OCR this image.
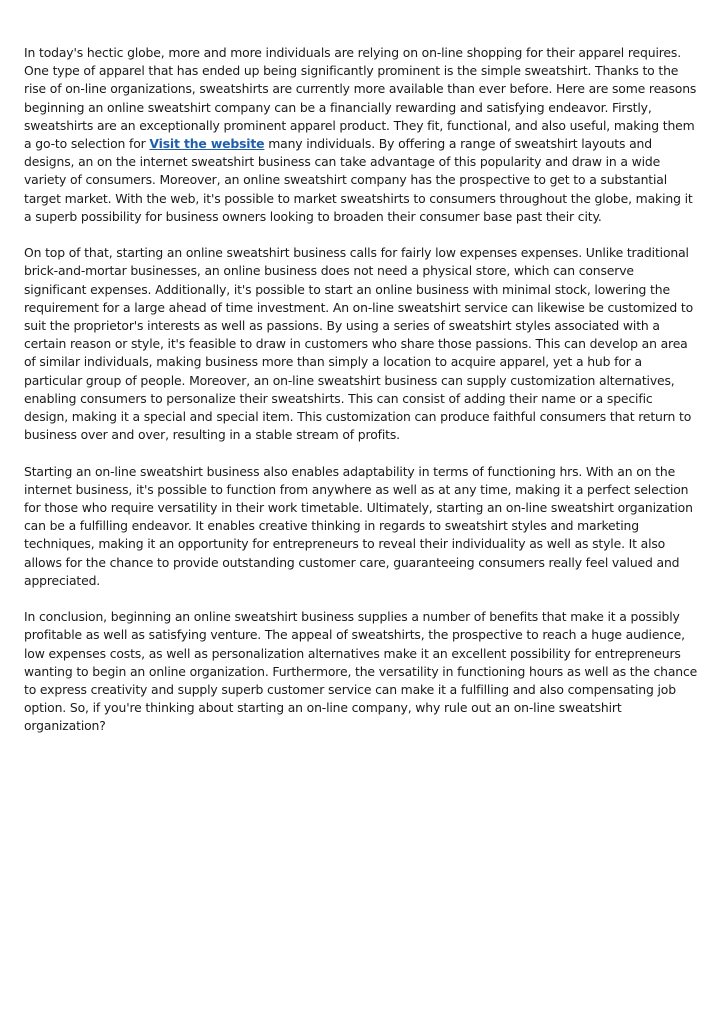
In today's hectic globe, more and more individuals are relying on on-line shopping for their apparel requires. One type of apparel that has ended up being significantly prominent is the simple sweatshirt. Thanks to the rise of on-line organizations, sweatshirts are currently more available than ever before. Here are some reasons beginning an online sweatshirt company can be a financially rewarding and satisfying endeavor. Firstly, sweatshirts are an exceptionally prominent apparel product. They fit, functional, and also useful, making them a go-to selection for Visit the website many individuals. By offering a range of sweatshirt layouts and designs, an on the internet sweatshirt business can take advantage of this popularity and draw in a wide variety of consumers. Moreover, an online sweatshirt company has the prospective to get to a substantial target market. With the web, it's possible to market sweatshirts to consumers throughout the globe, making it a superb possibility for business owners looking to broaden their consumer base past their city.

On top of that, starting an online sweatshirt business calls for fairly low expenses expenses. Unlike traditional brick-and-mortar businesses, an online business does not need a physical store, which can conserve significant expenses. Additionally, it's possible to start an online business with minimal stock, lowering the requirement for a large ahead of time investment. An on-line sweatshirt service can likewise be customized to suit the proprietor's interests as well as passions. By using a series of sweatshirt styles associated with a certain reason or style, it's feasible to draw in customers who share those passions. This can develop an area of similar individuals, making business more than simply a location to acquire apparel, yet a hub for a particular group of people. Moreover, an on-line sweatshirt business can supply customization alternatives, enabling consumers to personalize their sweatshirts. This can consist of adding their name or a specific design, making it a special and special item. This customization can produce faithful consumers that return to business over and over, resulting in a stable stream of profits.

Starting an on-line sweatshirt business also enables adaptability in terms of functioning hrs. With an on the internet business, it's possible to function from anywhere as well as at any time, making it a perfect selection for those who require versatility in their work timetable. Ultimately, starting an on-line sweatshirt organization can be a fulfilling endeavor. It enables creative thinking in regards to sweatshirt styles and marketing techniques, making it an opportunity for entrepreneurs to reveal their individuality as well as style. It also allows for the chance to provide outstanding customer care, guaranteeing consumers really feel valued and appreciated.

In conclusion, beginning an online sweatshirt business supplies a number of benefits that make it a possibly profitable as well as satisfying venture. The appeal of sweatshirts, the prospective to reach a huge audience, low expenses costs, as well as personalization alternatives make it an excellent possibility for entrepreneurs wanting to begin an online organization. Furthermore, the versatility in functioning hours as well as the chance to express creativity and supply superb customer service can make it a fulfilling and also compensating job option. So, if you're thinking about starting an on-line company, why rule out an on-line sweatshirt organization?
